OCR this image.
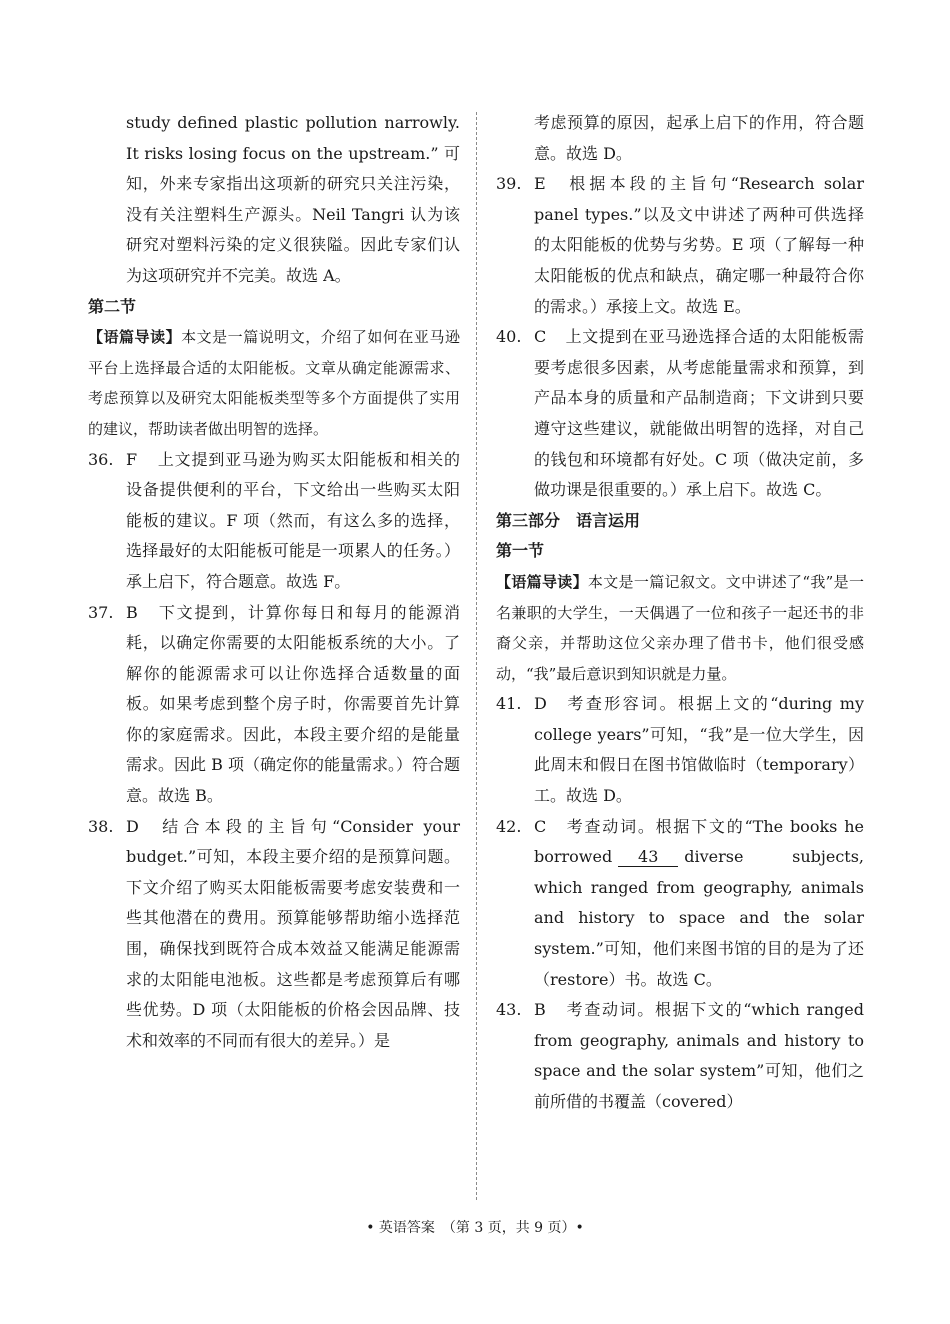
study defined plastic pollution narrowly. It risks losing focus on the upstream.” 可知，外来专家指出这项新的研究只关注污染，没有关注塑料生产源头。Neil Tangri 认为该研究对塑料污染的定义很狭隘。因此专家们认为这项研究并不完美。故选 A。

第二节

【语篇导读】本文是一篇说明文，介绍了如何在亚马逊平台上选择最合适的太阳能板。文章从确定能源需求、考虑预算以及研究太阳能板类型等多个方面提供了实用的建议，帮助读者做出明智的选择。

36. F 上文提到亚马逊为购买太阳能板和相关的设备提供便利的平台，下文给出一些购买太阳能板的建议。F 项（然而，有这么多的选择，选择最好的太阳能板可能是一项累人的任务。）承上启下，符合题意。故选 F。
37. B 下文提到，计算你每日和每月的能源消耗，以确定你需要的太阳能板系统的大小。了解你的能源需求可以让你选择合适数量的面板。如果考虑到整个房子时，你需要首先计算你的家庭需求。因此，本段主要介绍的是能量需求。因此 B 项（确定你的能量需求。）符合题意。故选 B。
38. D 结合本段的主旨句“Consider your budget.”可知，本段主要介绍的是预算问题。下文介绍了购买太阳能板需要考虑安装费和一些其他潜在的费用。预算能够帮助缩小选择范围，确保找到既符合成本效益又能满足能源需求的太阳能电池板。这些都是考虑预算后有哪些优势。D 项（太阳能板的价格会因品牌、技术和效率的不同而有很大的差异。）是

考虑预算的原因，起承上启下的作用，符合题意。故选 D。

39. E 根据本段的主旨句“Research solar panel types.”以及文中讲述了两种可供选择的太阳能板的优势与劣势。E 项（了解每一种太阳能板的优点和缺点，确定哪一种最符合你的需求。）承接上文。故选 E。
40. C 上文提到在亚马逊选择合适的太阳能板需要考虑很多因素，从考虑能量需求和预算，到产品本身的质量和产品制造商；下文讲到只要遵守这些建议，就能做出明智的选择，对自己的钱包和环境都有好处。C 项（做决定前，多做功课是很重要的。）承上启下。故选 C。

第三部分　语言运用

第一节

【语篇导读】本文是一篇记叙文。文中讲述了“我”是一名兼职的大学生，一天偶遇了一位和孩子一起还书的非裔父亲，并帮助这位父亲办理了借书卡，他们很受感动，“我”最后意识到知识就是力量。

41. D 考查形容词。根据上文的“during my college years”可知，“我”是一位大学生，因此周末和假日在图书馆做临时（temporary）工。故选 D。
42. C 考查动词。根据下文的“The books he borrowed 43 diverse subjects, which ranged from geography, animals and history to space and the solar system.”可知，他们来图书馆的目的是为了还（restore）书。故选 C。
43. B 考查动词。根据下文的“which ranged from geography, animals and history to space and the solar system”可知，他们之前所借的书覆盖（covered）
• 英语答案　（第 3 页，共 9 页）•
